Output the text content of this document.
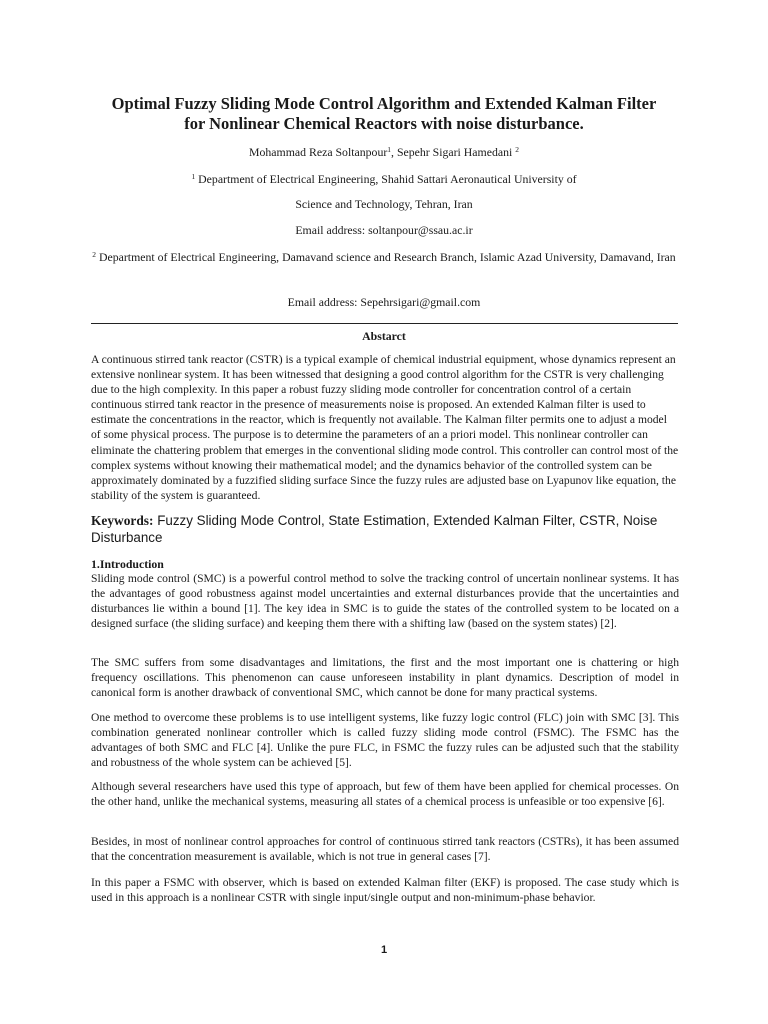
Optimal Fuzzy Sliding Mode Control Algorithm and Extended Kalman Filter
for Nonlinear Chemical Reactors with noise disturbance.
Mohammad Reza Soltanpour$^1$, Sepehr Sigari Hamedani $^2$
$^1$ Department of Electrical Engineering, Shahid Sattari Aeronautical University of
Science and Technology, Tehran, Iran
Email address: soltanpour@ssau.ac.ir
$^2$ Department of Electrical Engineering, Damavand science and Research Branch, Islamic Azad University, Damavand, Iran
Email address: Sepehrsigari@gmail.com
Abstarct
A continuous stirred tank reactor (CSTR) is a typical example of chemical industrial equipment, whose dynamics represent an extensive nonlinear system. It has been witnessed that designing a good control algorithm for the CSTR is very challenging due to the high complexity. In this paper a robust fuzzy sliding mode controller for concentration control of a certain continuous stirred tank reactor in the presence of measurements noise is proposed. An extended Kalman filter is used to estimate the concentrations in the reactor, which is frequently not available. The Kalman filter permits one to adjust a model of some physical process. The purpose is to determine the parameters of an a priori model. This nonlinear controller can eliminate the chattering problem that emerges in the conventional sliding mode control. This controller can control most of the complex systems without knowing their mathematical model; and the dynamics behavior of the controlled system can be approximately dominated by a fuzzified sliding surface Since the fuzzy rules are adjusted base on Lyapunov like equation, the stability of the system is guaranteed.
Keywords: Fuzzy Sliding Mode Control, State Estimation, Extended Kalman Filter, CSTR, Noise Disturbance
1.Introduction
Sliding mode control (SMC) is a powerful control method to solve the tracking control of uncertain nonlinear systems. It has the advantages of good robustness against model uncertainties and external disturbances provide that the uncertainties and disturbances lie within a bound [1]. The key idea in SMC is to guide the states of the controlled system to be located on a designed surface (the sliding surface) and keeping them there with a shifting law (based on the system states) [2].
The SMC suffers from some disadvantages and limitations, the first and the most important one is chattering or high frequency oscillations. This phenomenon can cause unforeseen instability in plant dynamics. Description of model in canonical form is another drawback of conventional SMC, which cannot be done for many practical systems.
One method to overcome these problems is to use intelligent systems, like fuzzy logic control (FLC) join with SMC [3]. This combination generated nonlinear controller which is called fuzzy sliding mode control (FSMC). The FSMC has the advantages of both SMC and FLC [4]. Unlike the pure FLC, in FSMC the fuzzy rules can be adjusted such that the stability and robustness of the whole system can be achieved [5].
Although several researchers have used this type of approach, but few of them have been applied for chemical processes. On the other hand, unlike the mechanical systems, measuring all states of a chemical process is unfeasible or too expensive [6].
Besides, in most of nonlinear control approaches for control of continuous stirred tank reactors (CSTRs), it has been assumed that the concentration measurement is available, which is not true in general cases [7].
In this paper a FSMC with observer, which is based on extended Kalman filter (EKF) is proposed. The case study which is used in this approach is a nonlinear CSTR with single input/single output and non-minimum-phase behavior.
1
